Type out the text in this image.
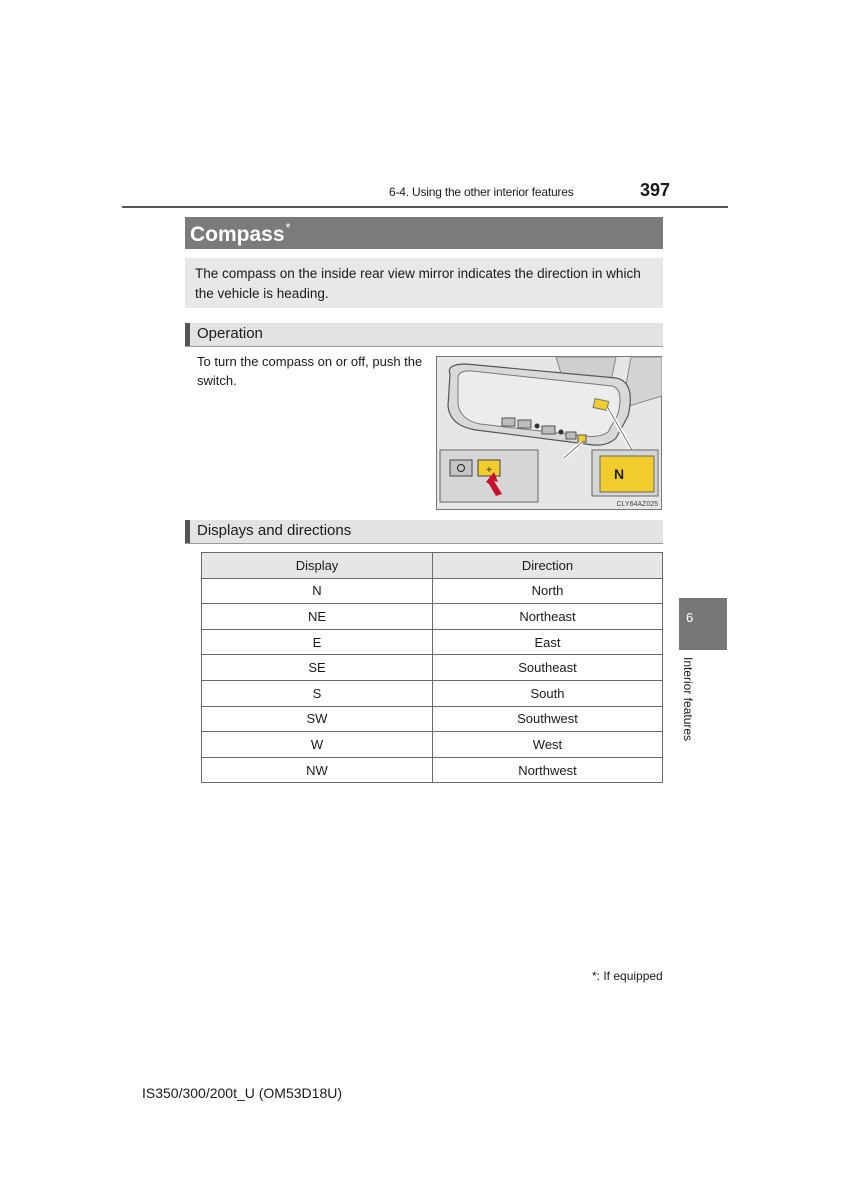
6-4. Using the other interior features	397
Compass*
The compass on the inside rear view mirror indicates the direction in which the vehicle is heading.
Operation
To turn the compass on or off, push the switch.
+	N
CLY64AZ025
Displays and directions
Display	Direction
N	North
NE	Northeast
E	East
SE	Southeast
S	South
SW	Southwest
W	West
NW	Northwest
6
Interior features
*: If equipped
IS350/300/200t_U (OM53D18U)
